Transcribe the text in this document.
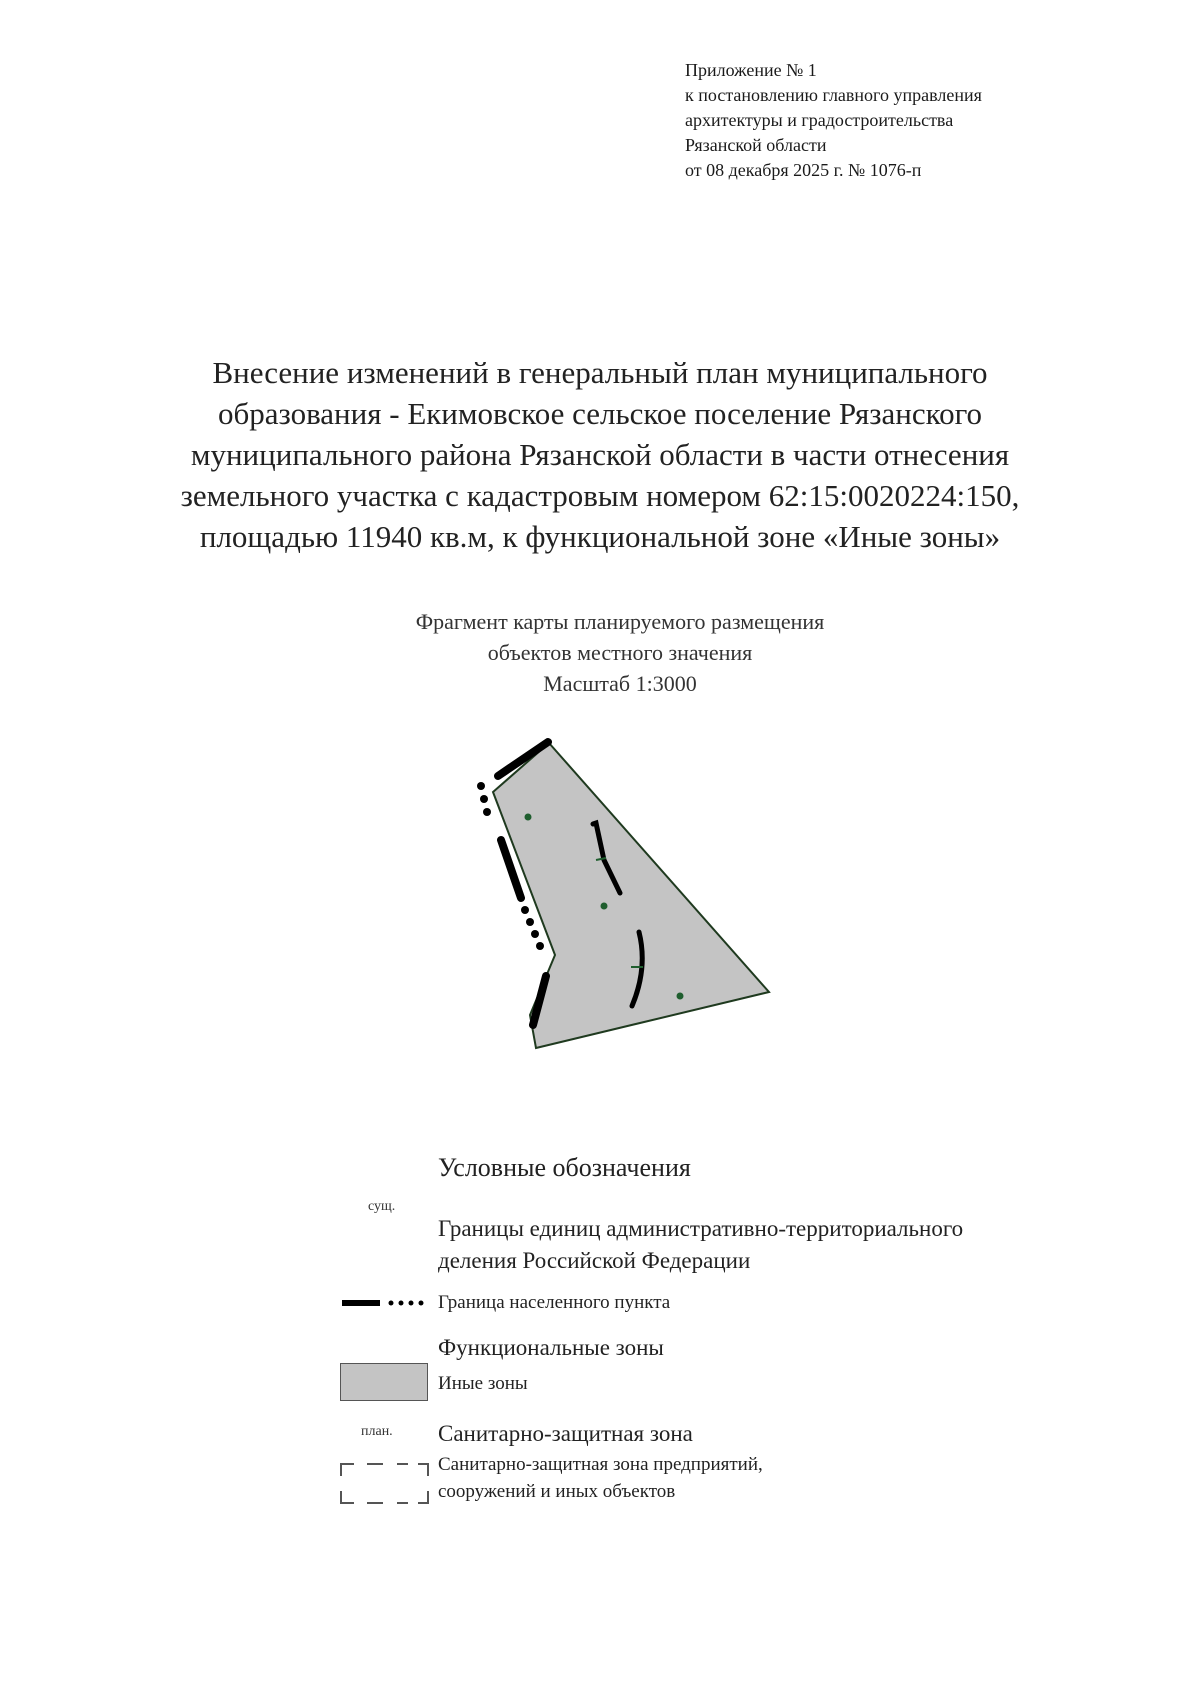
Приложение № 1
к постановлению главного управления
архитектуры и градостроительства
Рязанской области
от 08 декабря 2025 г. № 1076-п
Внесение изменений в генеральный план муниципального
образования - Екимовское сельское поселение Рязанского
муниципального района Рязанской области в части отнесения
земельного участка с кадастровым номером 62:15:0020224:150,
площадью 11940 кв.м, к функциональной зоне «Иные зоны»
Фрагмент карты планируемого размещения
объектов местного значения
Масштаб 1:3000
Условные обозначения
сущ.
Границы единиц административно-территориального
деления Российской Федерации
Граница населенного пункта
Функциональные зоны
Иные зоны
план. Санитарно-защитная зона
Санитарно-защитная зона предприятий,
сооружений и иных объектов
